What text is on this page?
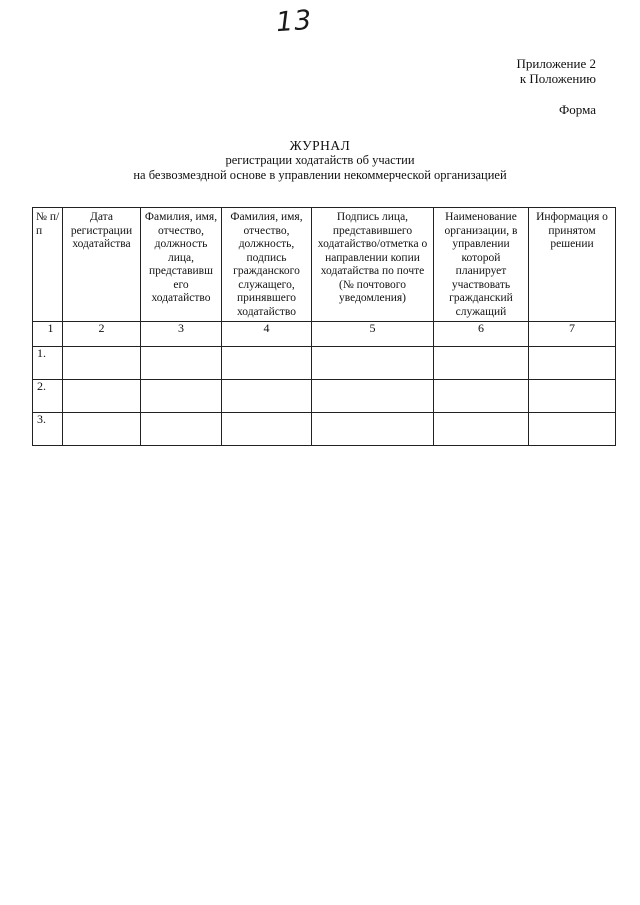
13
Приложение 2
к Положению
Форма
ЖУРНАЛ
регистрации ходатайств об участии
на безвозмездной основе в управлении некоммерческой организацией
№ п/п	Дата регистрации ходатайства	Фамилия, имя, отчество, должность лица, представивш его ходатайство	Фамилия, имя, отчество, должность, подпись гражданского служащего, принявшего ходатайство	Подпись лица, представившего ходатайство/отметка о направлении копии ходатайства по почте (№ почтового уведомления)	Наименование организации, в управлении которой планирует участвовать гражданский служащий	Информация о принятом решении
1	2	3	4	5	6	7
1.						
2.						
3.						
